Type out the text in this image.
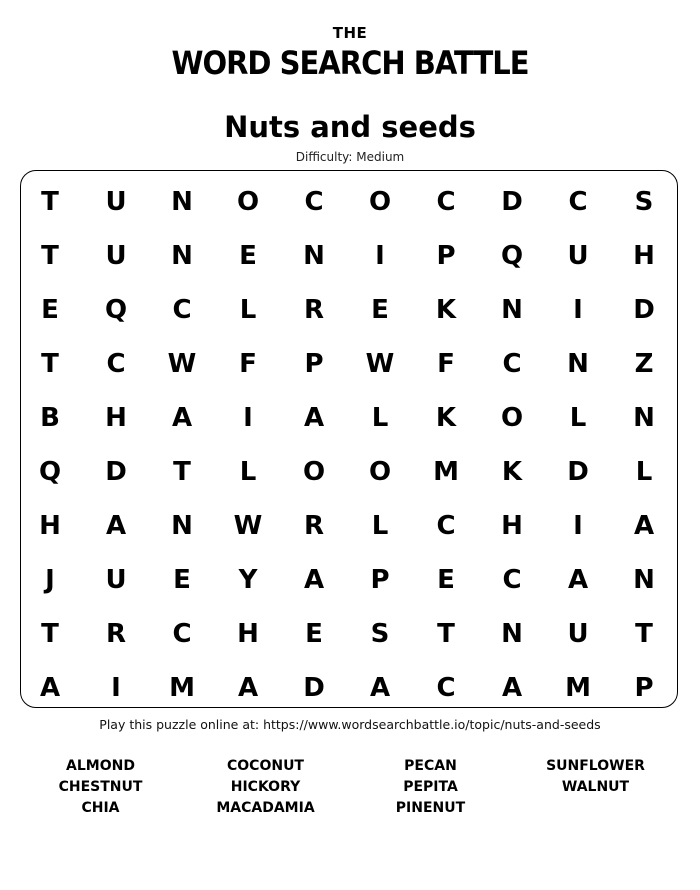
THE
WORD SEARCH BATTLE
Nuts and seeds
Difficulty: Medium
T	U	N	O	C	O	C	D	C	S
T	U	N	E	N	I	P	Q	U	H
E	Q	C	L	R	E	K	N	I	D
T	C	W	F	P	W	F	C	N	Z
B	H	A	I	A	L	K	O	L	N
Q	D	T	L	O	O	M	K	D	L
H	A	N	W	R	L	C	H	I	A
J	U	E	Y	A	P	E	C	A	N
T	R	C	H	E	S	T	N	U	T
A	I	M	A	D	A	C	A	M	P
Play this puzzle online at: https://www.wordsearchbattle.io/topic/nuts-and-seeds
ALMOND
CHESTNUT
CHIA
COCONUT
HICKORY
MACADAMIA
PECAN
PEPITA
PINENUT
SUNFLOWER
WALNUT
